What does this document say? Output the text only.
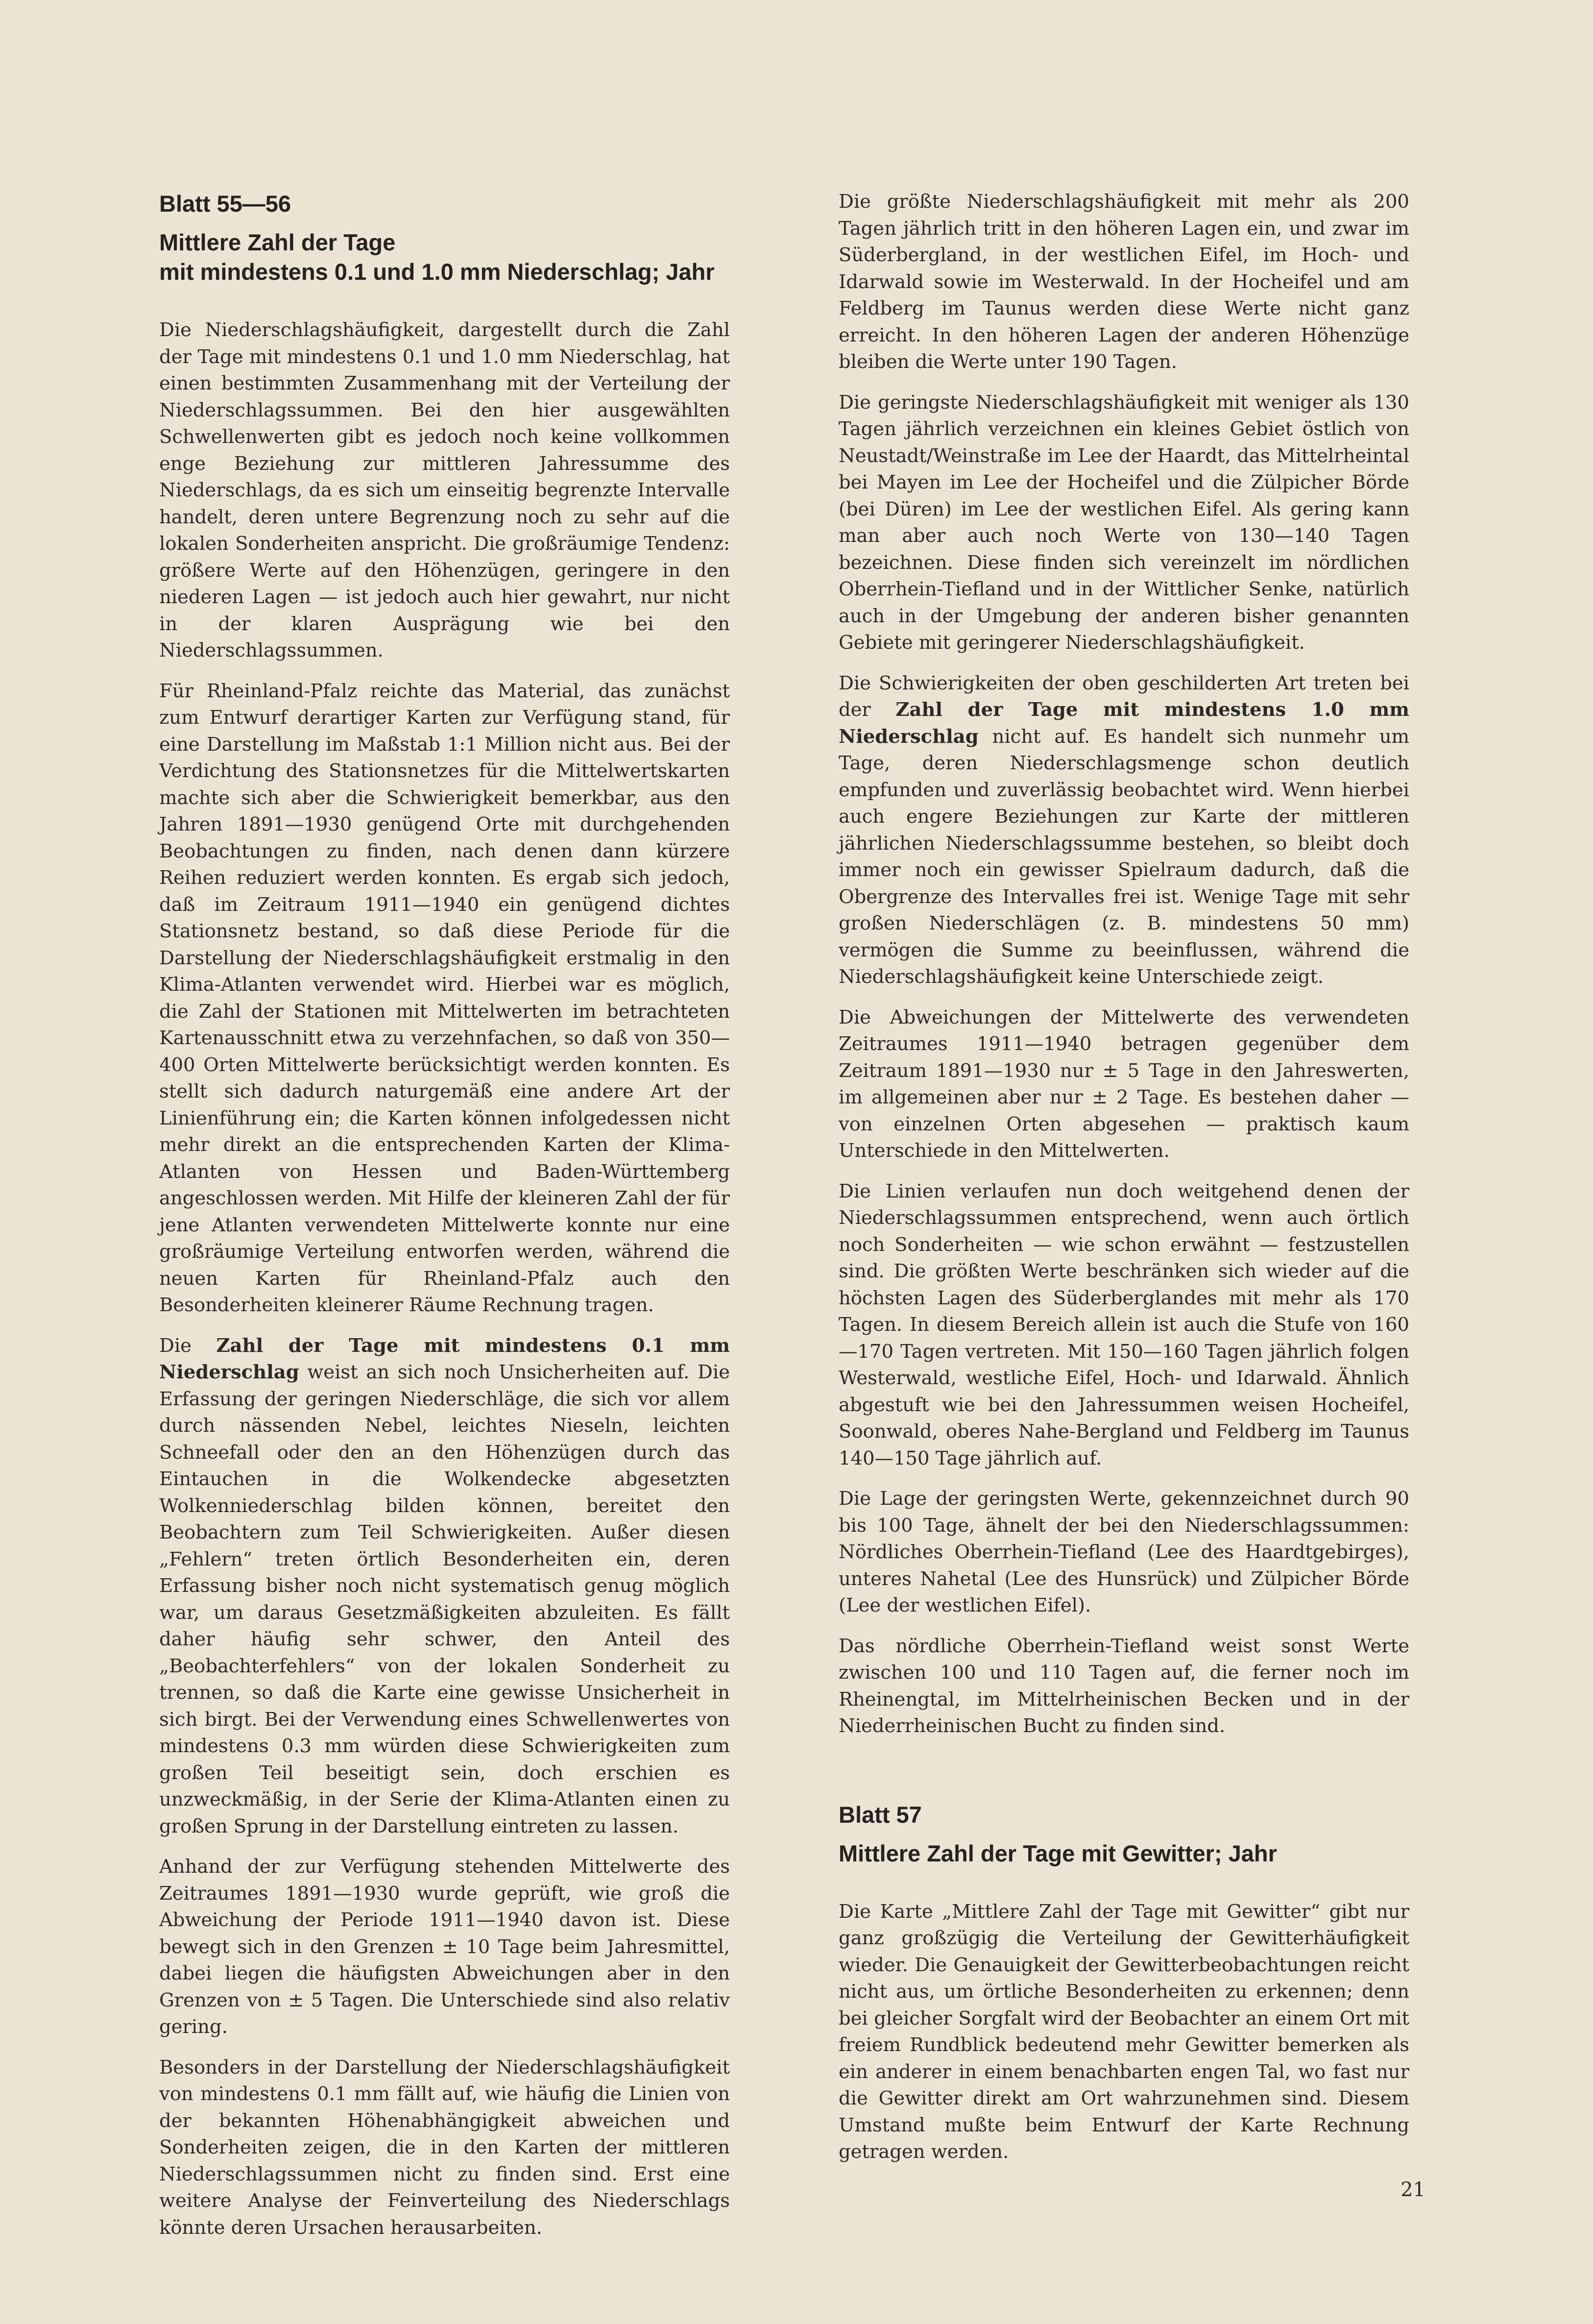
Blatt 55—56
Mittlere Zahl der Tage
mit mindestens 0.1 und 1.0 mm Niederschlag; Jahr

Die Niederschlagshäufigkeit, dargestellt durch die Zahl der Tage mit mindestens 0.1 und 1.0 mm Niederschlag, hat einen bestimmten Zusammenhang mit der Verteilung der Niederschlagssummen. Bei den hier ausgewählten Schwellenwerten gibt es jedoch noch keine vollkommen enge Beziehung zur mittleren Jahressumme des Niederschlags, da es sich um einseitig begrenzte Intervalle handelt, deren untere Begrenzung noch zu sehr auf die lokalen Sonderheiten anspricht. Die großräumige Tendenz: größere Werte auf den Höhenzügen, geringere in den niederen Lagen — ist jedoch auch hier gewahrt, nur nicht in der klaren Ausprägung wie bei den Niederschlagssummen.

Für Rheinland-Pfalz reichte das Material, das zunächst zum Entwurf derartiger Karten zur Verfügung stand, für eine Darstellung im Maßstab 1:1 Million nicht aus. Bei der Verdichtung des Stationsnetzes für die Mittelwertskarten machte sich aber die Schwierigkeit bemerkbar, aus den Jahren 1891—1930 genügend Orte mit durchgehenden Beobachtungen zu finden, nach denen dann kürzere Reihen reduziert werden konnten. Es ergab sich jedoch, daß im Zeitraum 1911—1940 ein genügend dichtes Stationsnetz bestand, so daß diese Periode für die Darstellung der Niederschlagshäufigkeit erstmalig in den Klima-Atlanten verwendet wird. Hierbei war es möglich, die Zahl der Stationen mit Mittelwerten im betrachteten Kartenausschnitt etwa zu verzehnfachen, so daß von 350—400 Orten Mittelwerte berücksichtigt werden konnten. Es stellt sich dadurch naturgemäß eine andere Art der Linienführung ein; die Karten können infolgedessen nicht mehr direkt an die entsprechenden Karten der Klima-Atlanten von Hessen und Baden-Württemberg angeschlossen werden. Mit Hilfe der kleineren Zahl der für jene Atlanten verwendeten Mittelwerte konnte nur eine großräumige Verteilung entworfen werden, während die neuen Karten für Rheinland-Pfalz auch den Besonderheiten kleinerer Räume Rechnung tragen.

Die Zahl der Tage mit mindestens 0.1 mm Niederschlag weist an sich noch Unsicherheiten auf. Die Erfassung der geringen Niederschläge, die sich vor allem durch nässenden Nebel, leichtes Nieseln, leichten Schneefall oder den an den Höhenzügen durch das Eintauchen in die Wolkendecke abgesetzten Wolkenniederschlag bilden können, bereitet den Beobachtern zum Teil Schwierigkeiten. Außer diesen „Fehlern“ treten örtlich Besonderheiten ein, deren Erfassung bisher noch nicht systematisch genug möglich war, um daraus Gesetzmäßigkeiten abzuleiten. Es fällt daher häufig sehr schwer, den Anteil des „Beobachterfehlers“ von der lokalen Sonderheit zu trennen, so daß die Karte eine gewisse Unsicherheit in sich birgt. Bei der Verwendung eines Schwellenwertes von mindestens 0.3 mm würden diese Schwierigkeiten zum großen Teil beseitigt sein, doch erschien es unzweckmäßig, in der Serie der Klima-Atlanten einen zu großen Sprung in der Darstellung eintreten zu lassen.

Anhand der zur Verfügung stehenden Mittelwerte des Zeitraumes 1891—1930 wurde geprüft, wie groß die Abweichung der Periode 1911—1940 davon ist. Diese bewegt sich in den Grenzen ± 10 Tage beim Jahresmittel, dabei liegen die häufigsten Abweichungen aber in den Grenzen von ± 5 Tagen. Die Unterschiede sind also relativ gering.

Besonders in der Darstellung der Niederschlagshäufigkeit von mindestens 0.1 mm fällt auf, wie häufig die Linien von der bekannten Höhenabhängigkeit abweichen und Sonderheiten zeigen, die in den Karten der mittleren Niederschlagssummen nicht zu finden sind. Erst eine weitere Analyse der Feinverteilung des Niederschlags könnte deren Ursachen herausarbeiten.

Die größte Niederschlagshäufigkeit mit mehr als 200 Tagen jährlich tritt in den höheren Lagen ein, und zwar im Süderbergland, in der westlichen Eifel, im Hoch- und Idarwald sowie im Westerwald. In der Hocheifel und am Feldberg im Taunus werden diese Werte nicht ganz erreicht. In den höheren Lagen der anderen Höhenzüge bleiben die Werte unter 190 Tagen.

Die geringste Niederschlagshäufigkeit mit weniger als 130 Tagen jährlich verzeichnen ein kleines Gebiet östlich von Neustadt/Weinstraße im Lee der Haardt, das Mittelrheintal bei Mayen im Lee der Hocheifel und die Zülpicher Börde (bei Düren) im Lee der westlichen Eifel. Als gering kann man aber auch noch Werte von 130—140 Tagen bezeichnen. Diese finden sich vereinzelt im nördlichen Oberrhein-Tiefland und in der Wittlicher Senke, natürlich auch in der Umgebung der anderen bisher genannten Gebiete mit geringerer Niederschlagshäufigkeit.

Die Schwierigkeiten der oben geschilderten Art treten bei der Zahl der Tage mit mindestens 1.0 mm Niederschlag nicht auf. Es handelt sich nunmehr um Tage, deren Niederschlagsmenge schon deutlich empfunden und zuverlässig beobachtet wird. Wenn hierbei auch engere Beziehungen zur Karte der mittleren jährlichen Niederschlagssumme bestehen, so bleibt doch immer noch ein gewisser Spielraum dadurch, daß die Obergrenze des Intervalles frei ist. Wenige Tage mit sehr großen Niederschlägen (z. B. mindestens 50 mm) vermögen die Summe zu beeinflussen, während die Niederschlagshäufigkeit keine Unterschiede zeigt.

Die Abweichungen der Mittelwerte des verwendeten Zeitraumes 1911—1940 betragen gegenüber dem Zeitraum 1891—1930 nur ± 5 Tage in den Jahreswerten, im allgemeinen aber nur ± 2 Tage. Es bestehen daher — von einzelnen Orten abgesehen — praktisch kaum Unterschiede in den Mittelwerten.

Die Linien verlaufen nun doch weitgehend denen der Niederschlagssummen entsprechend, wenn auch örtlich noch Sonderheiten — wie schon erwähnt — festzustellen sind. Die größten Werte beschränken sich wieder auf die höchsten Lagen des Süderberglandes mit mehr als 170 Tagen. In diesem Bereich allein ist auch die Stufe von 160—170 Tagen vertreten. Mit 150—160 Tagen jährlich folgen Westerwald, westliche Eifel, Hoch- und Idarwald. Ähnlich abgestuft wie bei den Jahressummen weisen Hocheifel, Soonwald, oberes Nahe-Bergland und Feldberg im Taunus 140—150 Tage jährlich auf.

Die Lage der geringsten Werte, gekennzeichnet durch 90 bis 100 Tage, ähnelt der bei den Niederschlagssummen: Nördliches Oberrhein-Tiefland (Lee des Haardtgebirges), unteres Nahetal (Lee des Hunsrück) und Zülpicher Börde (Lee der westlichen Eifel).

Das nördliche Oberrhein-Tiefland weist sonst Werte zwischen 100 und 110 Tagen auf, die ferner noch im Rheinengtal, im Mittelrheinischen Becken und in der Niederrheinischen Bucht zu finden sind.

Blatt 57
Mittlere Zahl der Tage mit Gewitter; Jahr

Die Karte „Mittlere Zahl der Tage mit Gewitter“ gibt nur ganz großzügig die Verteilung der Gewitterhäufigkeit wieder. Die Genauigkeit der Gewitterbeobachtungen reicht nicht aus, um örtliche Besonderheiten zu erkennen; denn bei gleicher Sorgfalt wird der Beobachter an einem Ort mit freiem Rundblick bedeutend mehr Gewitter bemerken als ein anderer in einem benachbarten engen Tal, wo fast nur die Gewitter direkt am Ort wahrzunehmen sind. Diesem Umstand mußte beim Entwurf der Karte Rechnung getragen werden.

21
